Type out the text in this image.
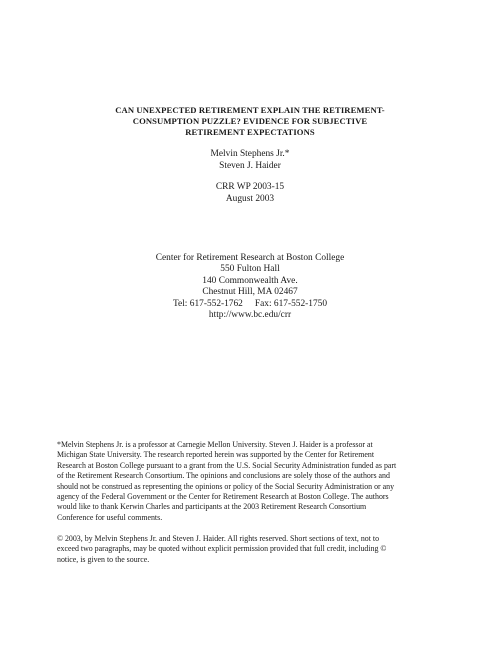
CAN UNEXPECTED RETIREMENT EXPLAIN THE RETIREMENT-
CONSUMPTION PUZZLE? EVIDENCE FOR SUBJECTIVE
RETIREMENT EXPECTATIONS
Melvin Stephens Jr.*
Steven J. Haider
CRR WP 2003-15
August 2003
Center for Retirement Research at Boston College
550 Fulton Hall
140 Commonwealth Ave.
Chestnut Hill, MA 02467
Tel: 617-552-1762 Fax: 617-552-1750
http://www.bc.edu/crr
*Melvin Stephens Jr. is a professor at Carnegie Mellon University. Steven J. Haider is a professor at
Michigan State University. The research reported herein was supported by the Center for Retirement
Research at Boston College pursuant to a grant from the U.S. Social Security Administration funded as part
of the Retirement Research Consortium. The opinions and conclusions are solely those of the authors and
should not be construed as representing the opinions or policy of the Social Security Administration or any
agency of the Federal Government or the Center for Retirement Research at Boston College. The authors
would like to thank Kerwin Charles and participants at the 2003 Retirement Research Consortium
Conference for useful comments.
© 2003, by Melvin Stephens Jr. and Steven J. Haider. All rights reserved. Short sections of text, not to
exceed two paragraphs, may be quoted without explicit permission provided that full credit, including ©
notice, is given to the source.
